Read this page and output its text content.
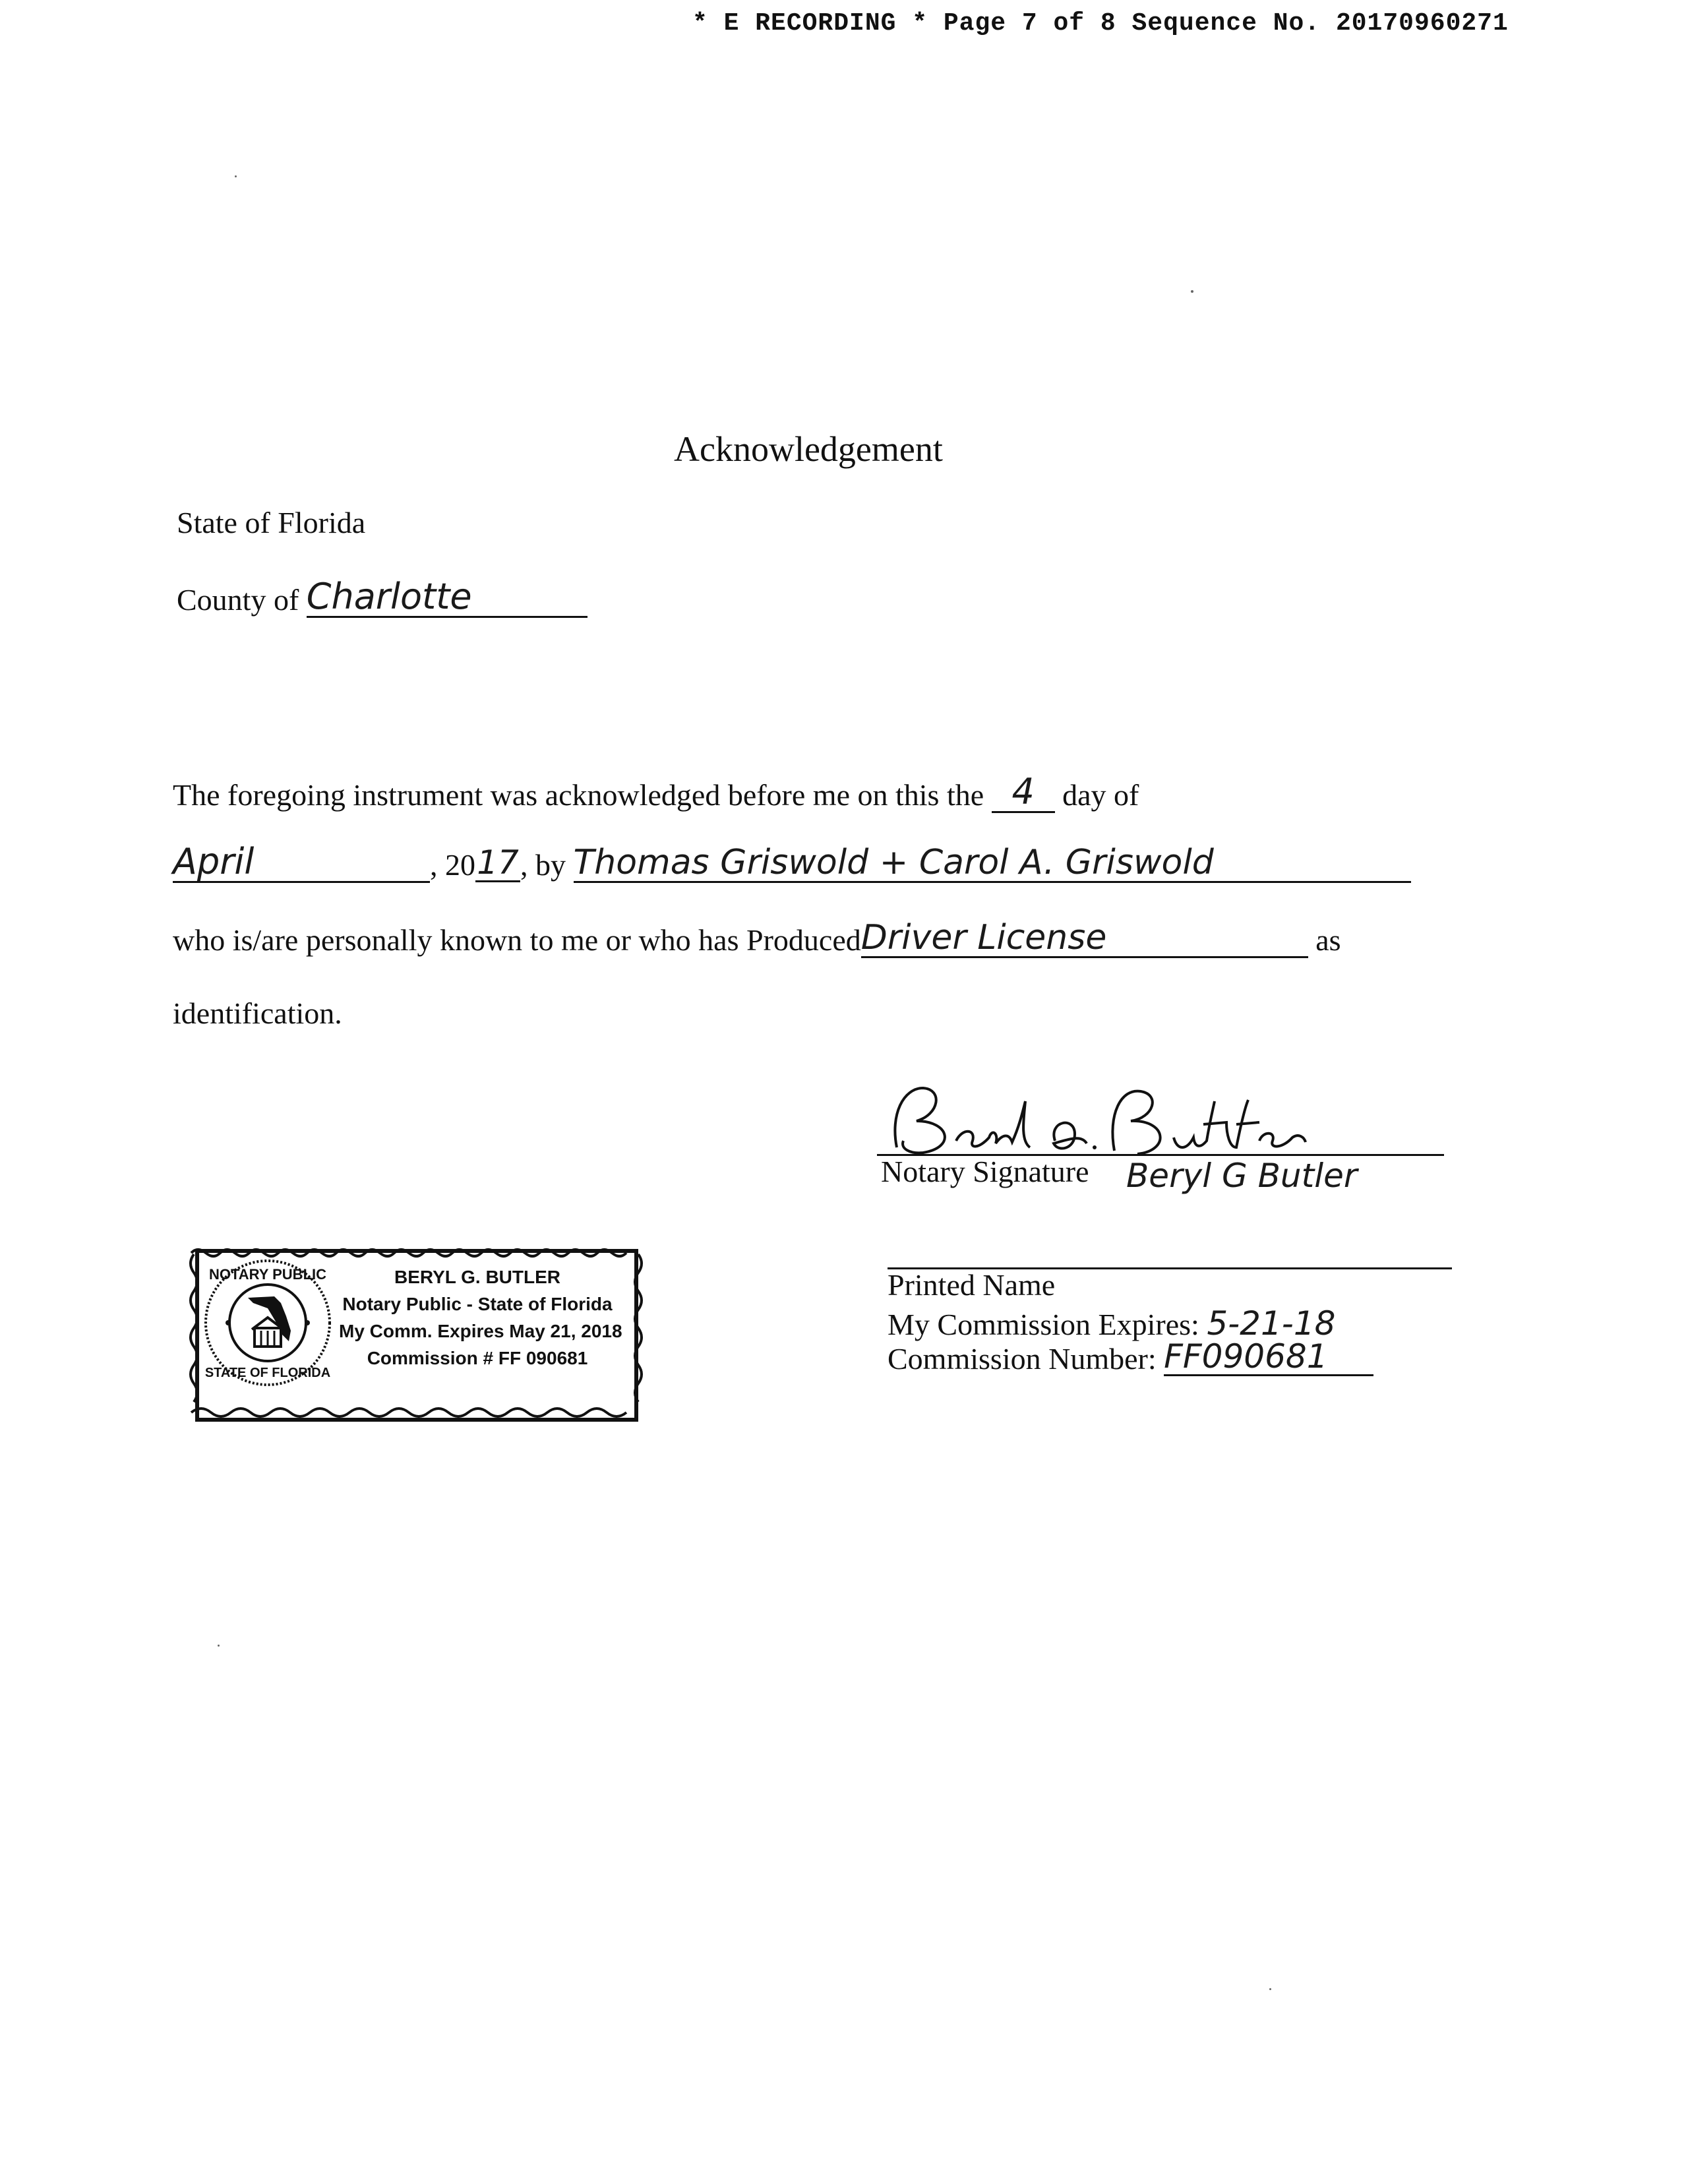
* E RECORDING * Page 7 of 8 Sequence No. 20170960271
Acknowledgement
State of Florida
County of Charlotte
The foregoing instrument was acknowledged before me on this the 4 day of
April	, 2017, by Thomas Griswold + Carol A. Griswold
who is/are personally known to me or who has ProducedDriver License	as
identification.
Notary Signature Beryl G Butler
Printed Name
My Commission Expires: 5-21-18
Commission Number: FF090681
NOTARY PUBLIC
STATE OF FLORIDA
BERYL G. BUTLER
Notary Public - State of Florida
My Comm. Expires May 21, 2018
Commission # FF 090681
